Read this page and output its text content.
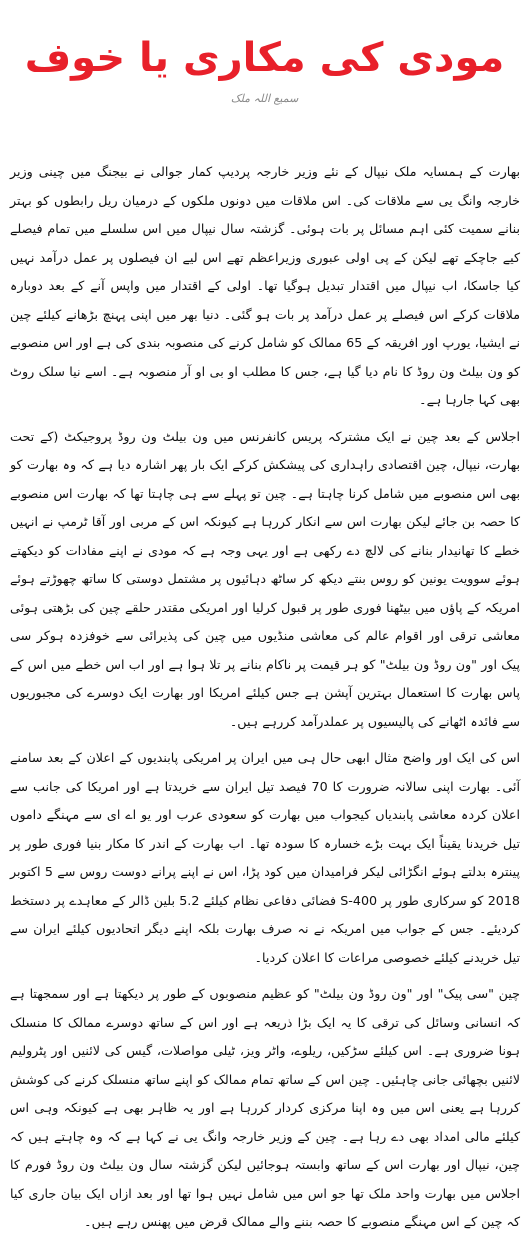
مودی کی مکاری یا خوف
سمیع اللہ ملک

بھارت کے ہمسایہ ملک نیپال کے نئے وزیر خارجہ پردیپ کمار جوالی نے بیجنگ میں چینی وزیر خارجہ وانگ یی سے ملاقات کی۔ اس ملاقات میں دونوں ملکوں کے درمیان ریل رابطوں کو بہتر بنانے سمیت کئی اہم مسائل پر بات ہوئی۔ گزشتہ سال نیپال میں اس سلسلے میں تمام فیصلے کیے جاچکے تھے لیکن کے پی اولی عبوری وزیراعظم تھے اس لیے ان فیصلوں پر عمل درآمد نہیں کیا جاسکا، اب نیپال میں اقتدار تبدیل ہوگیا تھا۔ اولی کے اقتدار میں واپس آنے کے بعد دوبارہ ملاقات کرکے اس فیصلے پر عمل درآمد پر بات ہو گئی۔ دنیا بھر میں اپنی پہنچ بڑھانے کیلئے چین نے ایشیا، یورپ اور افریقہ کے 65 ممالک کو شامل کرنے کی منصوبہ بندی کی ہے اور اس منصوبے کو ون بیلٹ ون روڈ کا نام دیا گیا ہے، جس کا مطلب او بی او آر منصوبہ ہے۔ اسے نیا سلک روٹ بھی کہا جارہا ہے۔

اجلاس کے بعد چین نے ایک مشترکہ پریس کانفرنس میں ون بیلٹ ون روڈ پروجیکٹ (کے تحت بھارت، نیپال، چین اقتصادی راہداری کی پیشکش کرکے ایک بار پھر اشارہ دیا ہے کہ وہ بھارت کو بھی اس منصوبے میں شامل کرنا چاہتا ہے۔ چین تو پہلے سے ہی چاہتا تھا کہ بھارت اس منصوبے کا حصہ بن جائے لیکن بھارت اس سے انکار کررہا ہے کیونکہ اس کے مربی اور آقا ٹرمپ نے انہیں خطے کا تھانیدار بنانے کی لالچ دے رکھی ہے اور یہی وجہ ہے کہ مودی نے اپنے مفادات کو دیکھتے ہوئے سوویت یونین کو روس بنتے دیکھ کر ساٹھ دہائیوں پر مشتمل دوستی کا ساتھ چھوڑتے ہوئے امریکہ کے پاؤں میں بیٹھنا فوری طور پر قبول کرلیا اور امریکی مقتدر حلقے چین کی بڑھتی ہوئی معاشی ترقی اور اقوام عالم کی معاشی منڈیوں میں چین کی پذیرائی سے خوفزدہ ہوکر سی پیک اور "ون روڈ ون بیلٹ" کو ہر قیمت پر ناکام بنانے پر تلا ہوا ہے اور اب اس خطے میں اس کے پاس بھارت کا استعمال بہترین آپشن ہے جس کیلئے امریکا اور بھارت ایک دوسرے کی مجبوریوں سے فائدہ اٹھانے کی پالیسیوں پر عملدرآمد کررہے ہیں۔

اس کی ایک اور واضح مثال ابھی حال ہی میں ایران پر امریکی پابندیوں کے اعلان کے بعد سامنے آئی۔ بھارت اپنی سالانہ ضرورت کا 70 فیصد تیل ایران سے خریدتا ہے اور امریکا کی جانب سے اعلان کردہ معاشی پابندیاں کیجواب میں بھارت کو سعودی عرب اور یو اے ای سے مہنگے داموں تیل خریدنا یقیناً ایک بہت بڑے خسارہ کا سودہ تھا۔ اب بھارت کے اندر کا مکار بنیا فوری طور پر پینترہ بدلتے ہوئے انگڑائی لیکر فرامیدان میں کود پڑا، اس نے اپنے پرانے دوست روس سے 5 اکتوبر 2018 کو سرکاری طور پر S-400 فضائی دفاعی نظام کیلئے 5.2 بلین ڈالر کے معاہدے پر دستخط کردیئے۔ جس کے جواب میں امریکہ نے نہ صرف بھارت بلکہ اپنے دیگر اتحادیوں کیلئے ایران سے تیل خریدنے کیلئے خصوصی مراعات کا اعلان کردیا۔

چین "سی پیک" اور "ون روڈ ون بیلٹ" کو عظیم منصوبوں کے طور پر دیکھتا ہے اور سمجھتا ہے کہ انسانی وسائل کی ترقی کا یہ ایک بڑا ذریعہ ہے اور اس کے ساتھ دوسرے ممالک کا منسلک ہونا ضروری ہے۔ اس کیلئے سڑکیں، ریلوے، واٹر ویز، ٹیلی مواصلات، گیس کی لائنیں اور پٹرولیم لائنیں بچھائی جانی چاہئیں۔ چین اس کے ساتھ تمام ممالک کو اپنے ساتھ منسلک کرنے کی کوشش کررہا ہے یعنی اس میں وہ اپنا مرکزی کردار کررہا ہے اور یہ ظاہر بھی ہے کیونکہ وہی اس کیلئے مالی امداد بھی دے رہا ہے۔ چین کے وزیر خارجہ وانگ یی نے کہا ہے کہ وہ چاہتے ہیں کہ چین، نیپال اور بھارت اس کے ساتھ وابستہ ہوجائیں لیکن گزشتہ سال ون بیلٹ ون روڈ فورم کا اجلاس میں بھارت واحد ملک تھا جو اس میں شامل نہیں ہوا تھا اور بعد ازاں ایک بیان جاری کیا کہ چین کے اس مہنگے منصوبے کا حصہ بننے والے ممالک قرض میں پھنس رہے ہیں۔
